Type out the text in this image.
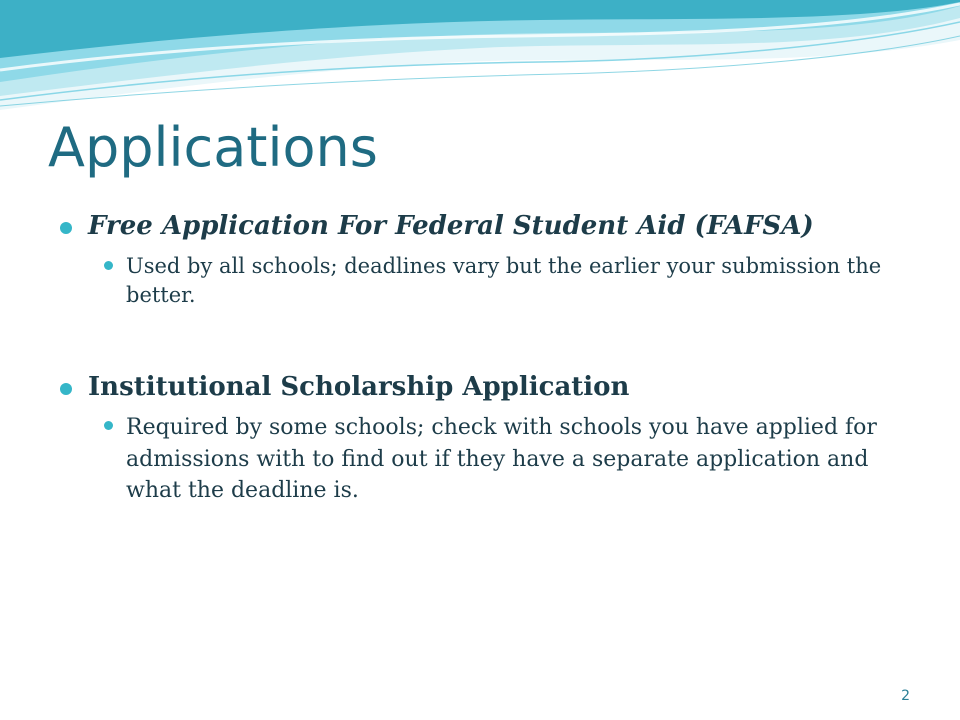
Applications
Free Application For Federal Student Aid (FAFSA)
Used by all schools; deadlines vary but the earlier your submission the better.
Institutional Scholarship Application
Required by some schools; check with schools you have applied for admissions with to find out if they have a separate application and what the deadline is.
2
